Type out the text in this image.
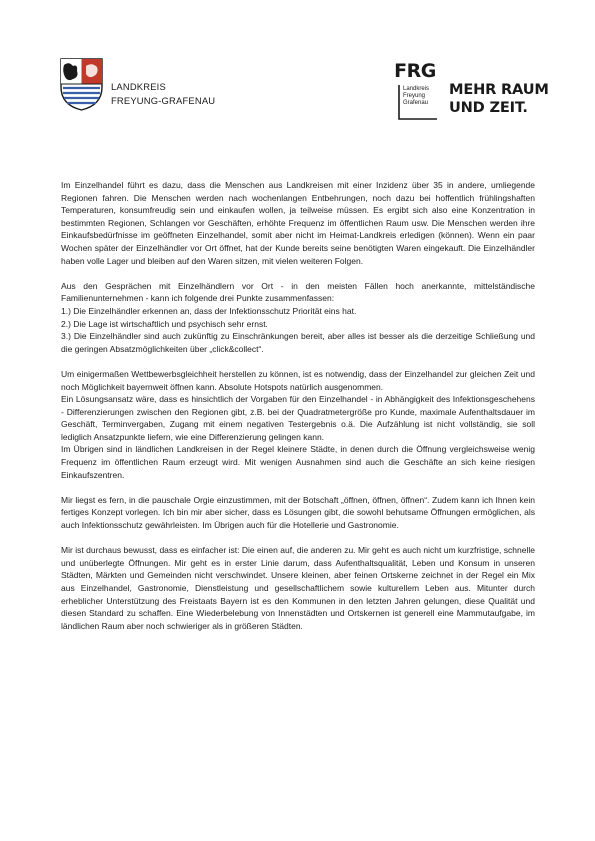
LANDKREIS
FREYUNG-GRAFENAU
FRG
Landkreis
Freyung
Grafenau
MEHR RAUM
UND ZEIT.

Im Einzelhandel führt es dazu, dass die Menschen aus Landkreisen mit einer Inzidenz über 35 in andere, umliegende Regionen fahren. Die Menschen werden nach wochenlangen Entbehrungen, noch dazu bei hoffentlich frühlingshaften Temperaturen, konsumfreudig sein und einkaufen wollen, ja teilweise müssen. Es ergibt sich also eine Konzentration in bestimmten Regionen, Schlangen vor Geschäften, erhöhte Frequenz im öffentlichen Raum usw. Die Menschen werden ihre Einkaufsbedürfnisse im geöffneten Einzelhandel, somit aber nicht im Heimat-Landkreis erledigen (können). Wenn ein paar Wochen später der Einzelhändler vor Ort öffnet, hat der Kunde bereits seine benötigten Waren eingekauft. Die Einzelhändler haben volle Lager und bleiben auf den Waren sitzen, mit vielen weiteren Folgen.

Aus den Gesprächen mit Einzelhändlern vor Ort - in den meisten Fällen hoch anerkannte, mittelständische Familienunternehmen - kann ich folgende drei Punkte zusammenfassen:

1.) Die Einzelhändler erkennen an, dass der Infektionsschutz Priorität eins hat.

2.) Die Lage ist wirtschaftlich und psychisch sehr ernst.

3.) Die Einzelhändler sind auch zukünftig zu Einschränkungen bereit, aber alles ist besser als die derzeitige Schließung und die geringen Absatzmöglichkeiten über „click&collect“.

Um einigermaßen Wettbewerbsgleichheit herstellen zu können, ist es notwendig, dass der Einzelhandel zur gleichen Zeit und noch Möglichkeit bayernweit öffnen kann. Absolute Hotspots natürlich ausgenommen.

Ein Lösungsansatz wäre, dass es hinsichtlich der Vorgaben für den Einzelhandel - in Abhängigkeit des Infektionsgeschehens - Differenzierungen zwischen den Regionen gibt, z.B. bei der Quadratmetergröße pro Kunde, maximale Aufenthaltsdauer im Geschäft, Terminvergaben, Zugang mit einem negativen Testergebnis o.ä. Die Aufzählung ist nicht vollständig, sie soll lediglich Ansatzpunkte liefern, wie eine Differenzierung gelingen kann.

Im Übrigen sind in ländlichen Landkreisen in der Regel kleinere Städte, in denen durch die Öffnung vergleichsweise wenig Frequenz im öffentlichen Raum erzeugt wird. Mit wenigen Ausnahmen sind auch die Geschäfte an sich keine riesigen Einkaufszentren.

Mir liegst es fern, in die pauschale Orgie einzustimmen, mit der Botschaft „öffnen, öffnen, öffnen“. Zudem kann ich Ihnen kein fertiges Konzept vorlegen. Ich bin mir aber sicher, dass es Lösungen gibt, die sowohl behutsame Öffnungen ermöglichen, als auch Infektionsschutz gewährleisten. Im Übrigen auch für die Hotellerie und Gastronomie.

Mir ist durchaus bewusst, dass es einfacher ist: Die einen auf, die anderen zu. Mir geht es auch nicht um kurzfristige, schnelle und unüberlegte Öffnungen. Mir geht es in erster Linie darum, dass Aufenthaltsqualität, Leben und Konsum in unseren Städten, Märkten und Gemeinden nicht verschwindet. Unsere kleinen, aber feinen Ortskerne zeichnet in der Regel ein Mix aus Einzelhandel, Gastronomie, Dienstleistung und gesellschaftlichem sowie kulturellem Leben aus. Mitunter durch erheblicher Unterstützung des Freistaats Bayern ist es den Kommunen in den letzten Jahren gelungen, diese Qualität und diesen Standard zu schaffen. Eine Wiederbelebung von Innenstädten und Ortskernen ist generell eine Mammutaufgabe, im ländlichen Raum aber noch schwieriger als in größeren Städten.
